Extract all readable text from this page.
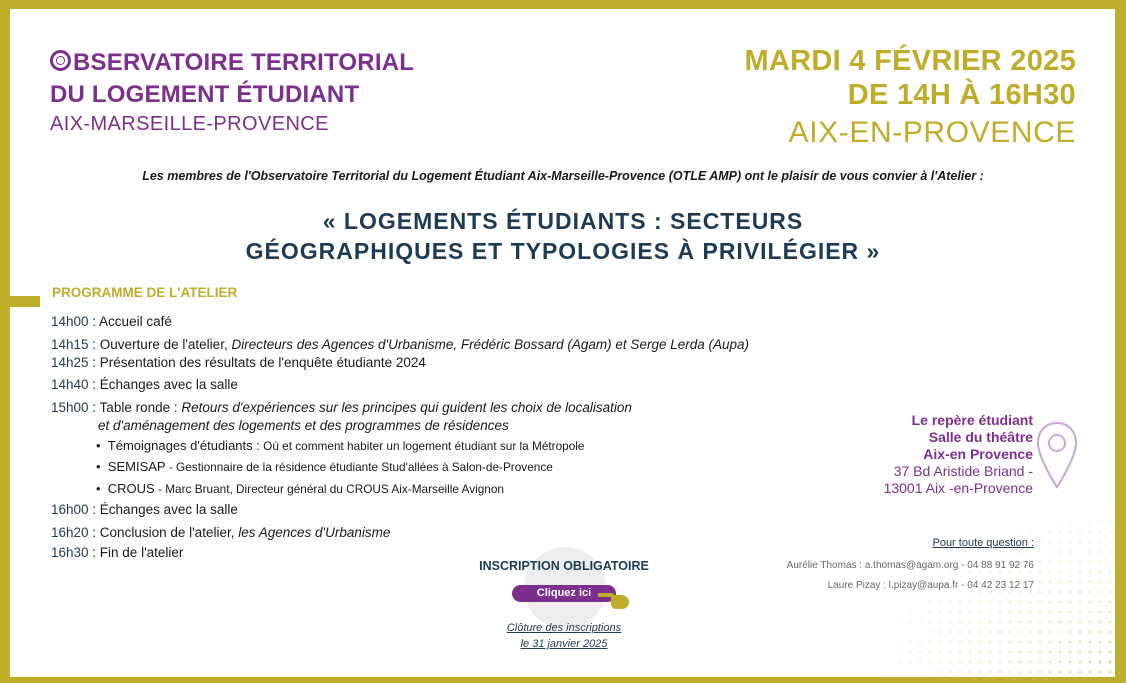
BSERVATOIRE TERRITORIAL
DU LOGEMENT ÉTUDIANT
AIX-MARSEILLE-PROVENCE
MARDI 4 FÉVRIER 2025
DE 14H À 16H30
AIX-EN-PROVENCE
Les membres de l'Observatoire Territorial du Logement Étudiant Aix-Marseille-Provence (OTLE AMP) ont le plaisir de vous convier à l'Atelier :
« LOGEMENTS ÉTUDIANTS : SECTEURS
GÉOGRAPHIQUES ET TYPOLOGIES À PRIVILÉGIER »
PROGRAMME DE L'ATELIER
14h00 : Accueil café
14h15 : Ouverture de l'atelier, Directeurs des Agences d'Urbanisme, Frédéric Bossard (Agam) et Serge Lerda (Aupa)
14h25 : Présentation des résultats de l'enquête étudiante 2024
14h40 : Échanges avec la salle
15h00 : Table ronde : Retours d'expériences sur les principes qui guident les choix de localisation
et d'aménagement des logements et des programmes de résidences
•  Témoignages d'étudiants : Où et comment habiter un logement étudiant sur la Métropole
•  SEMISAP - Gestionnaire de la résidence étudiante Stud'allées à Salon-de-Provence
•  CROUS - Marc Bruant, Directeur général du CROUS Aix-Marseille Avignon
16h00 : Échanges avec la salle
16h20 : Conclusion de l'atelier, les Agences d'Urbanisme
16h30 : Fin de l'atelier
Le repère étudiant
Salle du théâtre
Aix-en Provence
37 Bd Aristide Briand -
13001 Aix -en-Provence
Pour toute question :
Aurélie Thomas : a.thomas@agam.org - 04 88 91 92 76
Laure Pizay : l.pizay@aupa.fr - 04 42 23 12 17
INSCRIPTION OBLIGATOIRE
Cliquez ici
Clôture des inscriptions
le 31 janvier 2025
